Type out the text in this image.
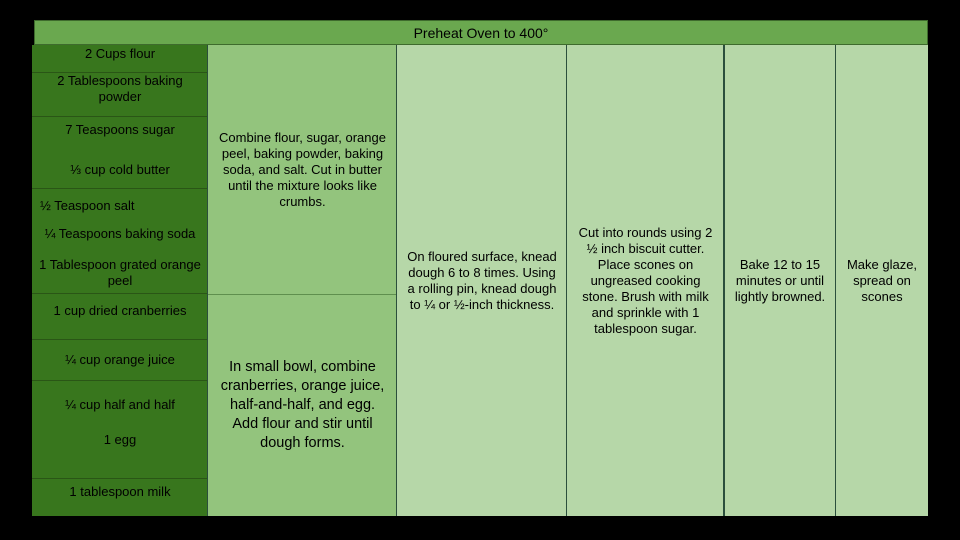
Preheat Oven to 400°
2 Cups flour
2 Tablespoons baking powder
7 Teaspoons sugar
⅓ cup cold butter
½ Teaspoon salt
¼ Teaspoons baking soda
1 Tablespoon grated orange peel
1 cup dried cranberries
¼ cup orange juice
¼ cup half and half
1 egg
1 tablespoon milk
Combine flour, sugar, orange peel, baking powder, baking soda, and salt. Cut in butter until the mixture looks like crumbs.
In small bowl, combine cranberries, orange juice, half-and-half, and egg. Add flour and stir until dough forms.
On floured surface, knead dough 6 to 8 times. Using a rolling pin, knead dough to ¼ or ½-inch thickness.
Cut into rounds using 2 ½ inch biscuit cutter. Place scones on ungreased cooking stone. Brush with milk and sprinkle with 1 tablespoon sugar.
Bake 12 to 15 minutes or until lightly browned.
Make glaze, spread on scones
